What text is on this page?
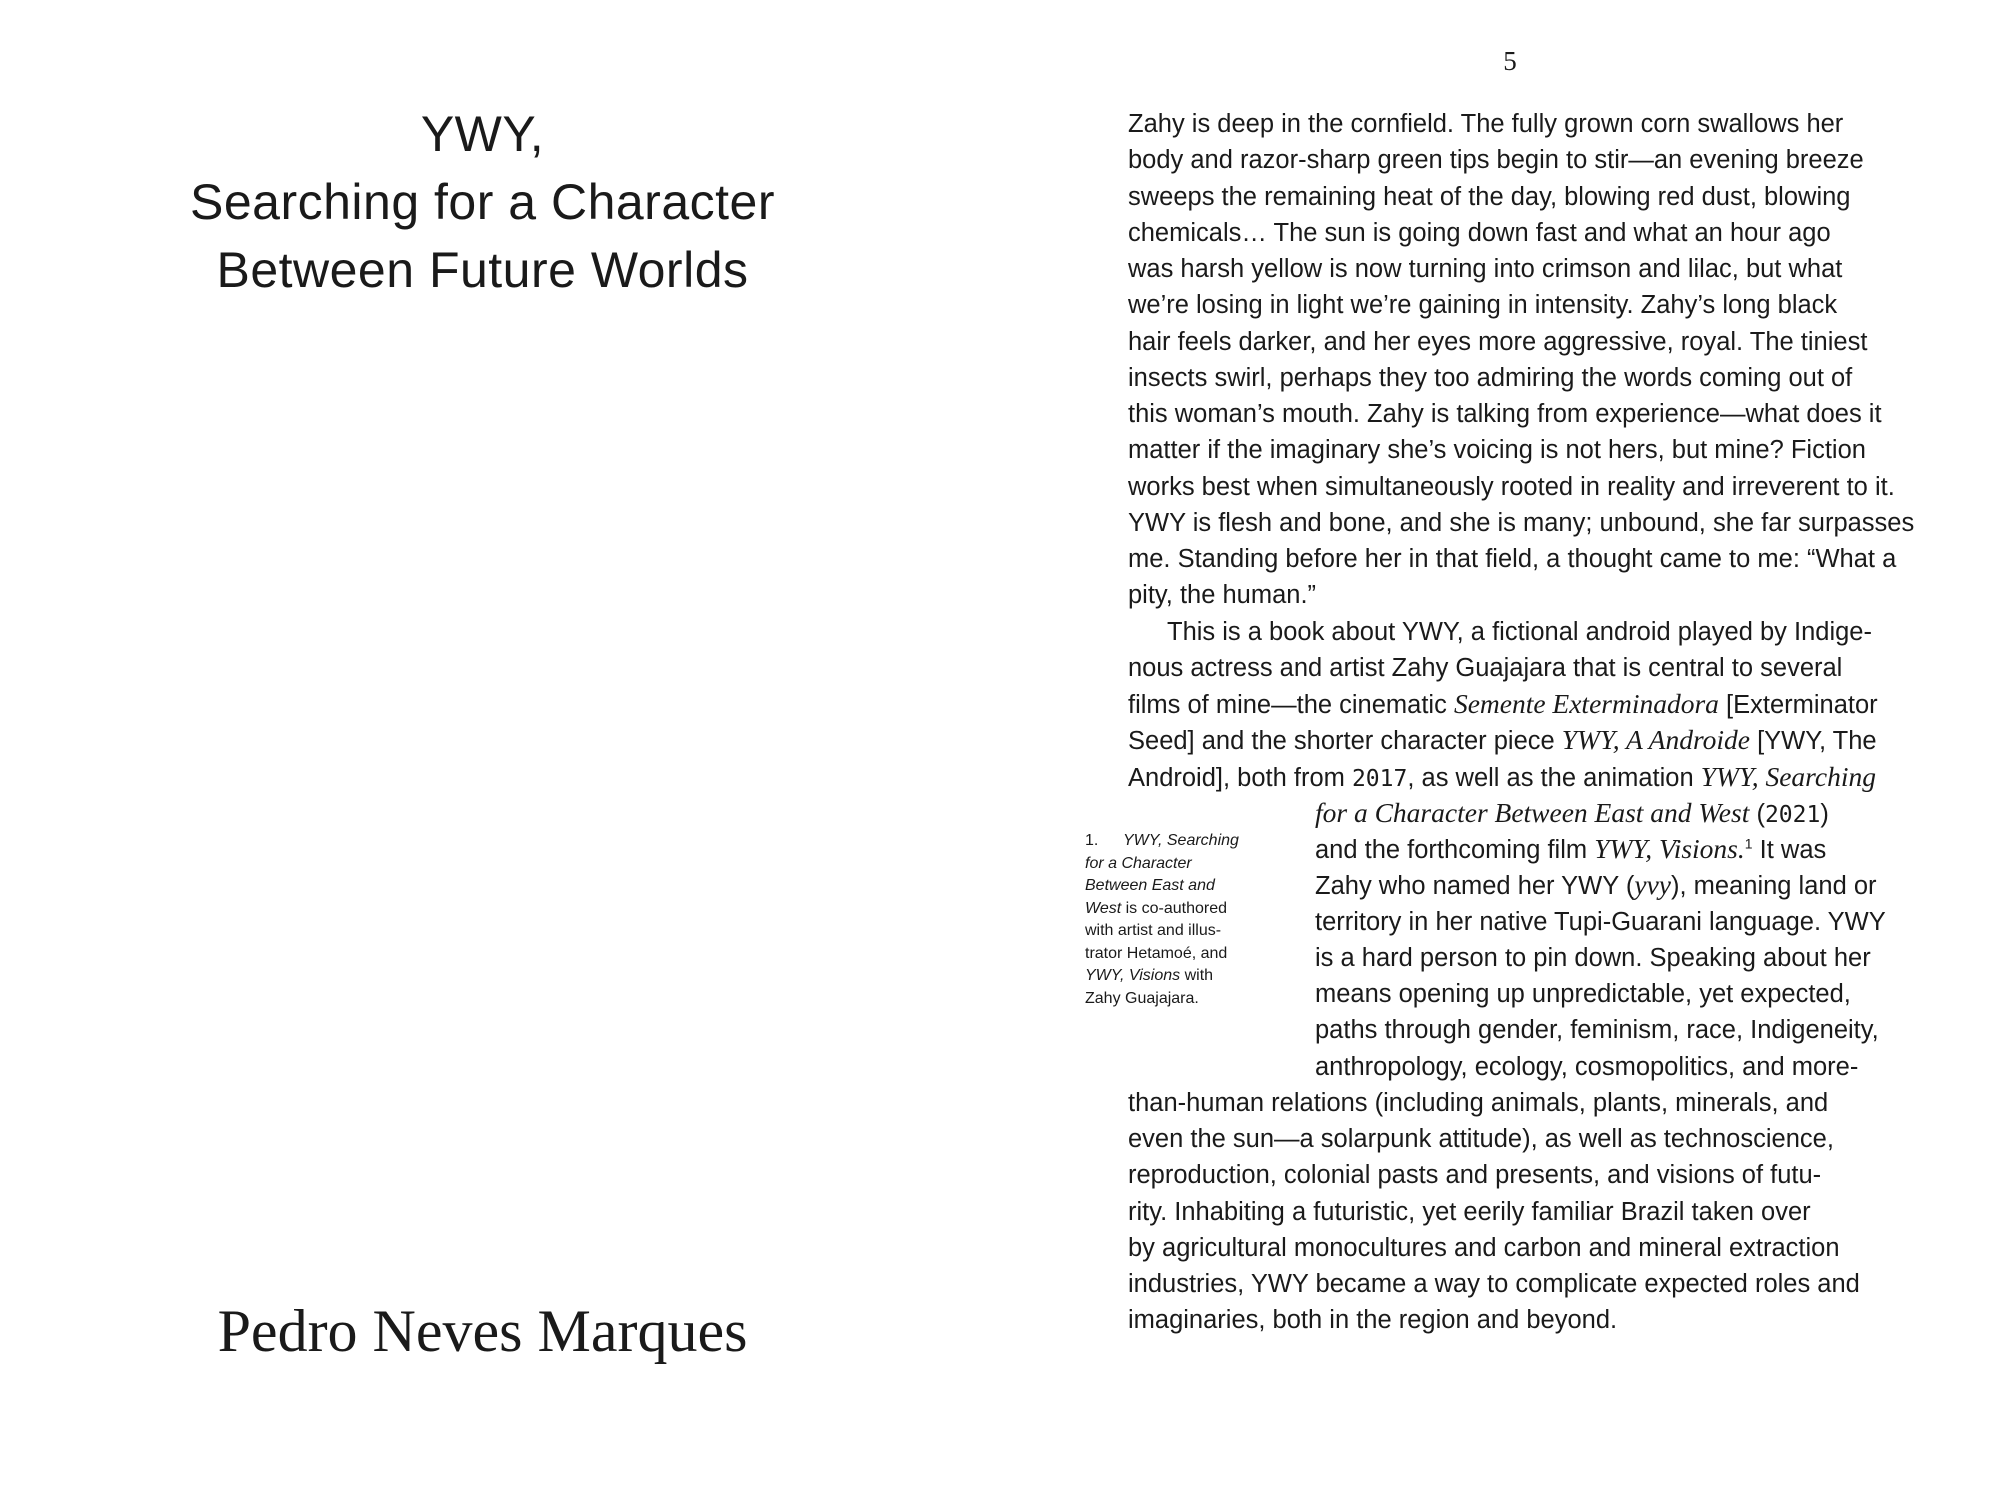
YWY,
Searching for a Character
Between Future Worlds
Pedro Neves Marques
5
Zahy is deep in the cornfield. The fully grown corn swallows her
body and razor-sharp green tips begin to stir—an evening breeze
sweeps the remaining heat of the day, blowing red dust, blowing
chemicals… The sun is going down fast and what an hour ago
was harsh yellow is now turning into crimson and lilac, but what
we’re losing in light we’re gaining in intensity. Zahy’s long black
hair feels darker, and her eyes more aggressive, royal. The tiniest
insects swirl, perhaps they too admiring the words coming out of
this woman’s mouth. Zahy is talking from experience—what does it
matter if the imaginary she’s voicing is not hers, but mine? Fiction
works best when simultaneously rooted in reality and irreverent to it.
YWY is flesh and bone, and she is many; unbound, she far surpasses
me. Standing before her in that field, a thought came to me: “What a
pity, the human.”
This is a book about YWY, a fictional android played by Indige-
nous actress and artist Zahy Guajajara that is central to several
films of mine—the cinematic Semente Exterminadora [Exterminator
Seed] and the shorter character piece YWY, A Androide [YWY, The
Android], both from 2017, as well as the animation YWY, Searching
for a Character Between East and West (2021)
and the forthcoming film YWY, Visions.$^1$ It was
Zahy who named her YWY (yvy), meaning land or
territory in her native Tupi-Guarani language. YWY
is a hard person to pin down. Speaking about her
means opening up unpredictable, yet expected,
paths through gender, feminism, race, Indigeneity,
anthropology, ecology, cosmopolitics, and more-
than-human relations (including animals, plants, minerals, and
even the sun—a solarpunk attitude), as well as technoscience,
reproduction, colonial pasts and presents, and visions of futu-
rity. Inhabiting a futuristic, yet eerily familiar Brazil taken over
by agricultural monocultures and carbon and mineral extraction
industries, YWY became a way to complicate expected roles and
imaginaries, both in the region and beyond.
1. YWY, Searching
for a Character
Between East and
West is co-authored
with artist and illus-
trator Hetamoé, and
YWY, Visions with
Zahy Guajajara.
